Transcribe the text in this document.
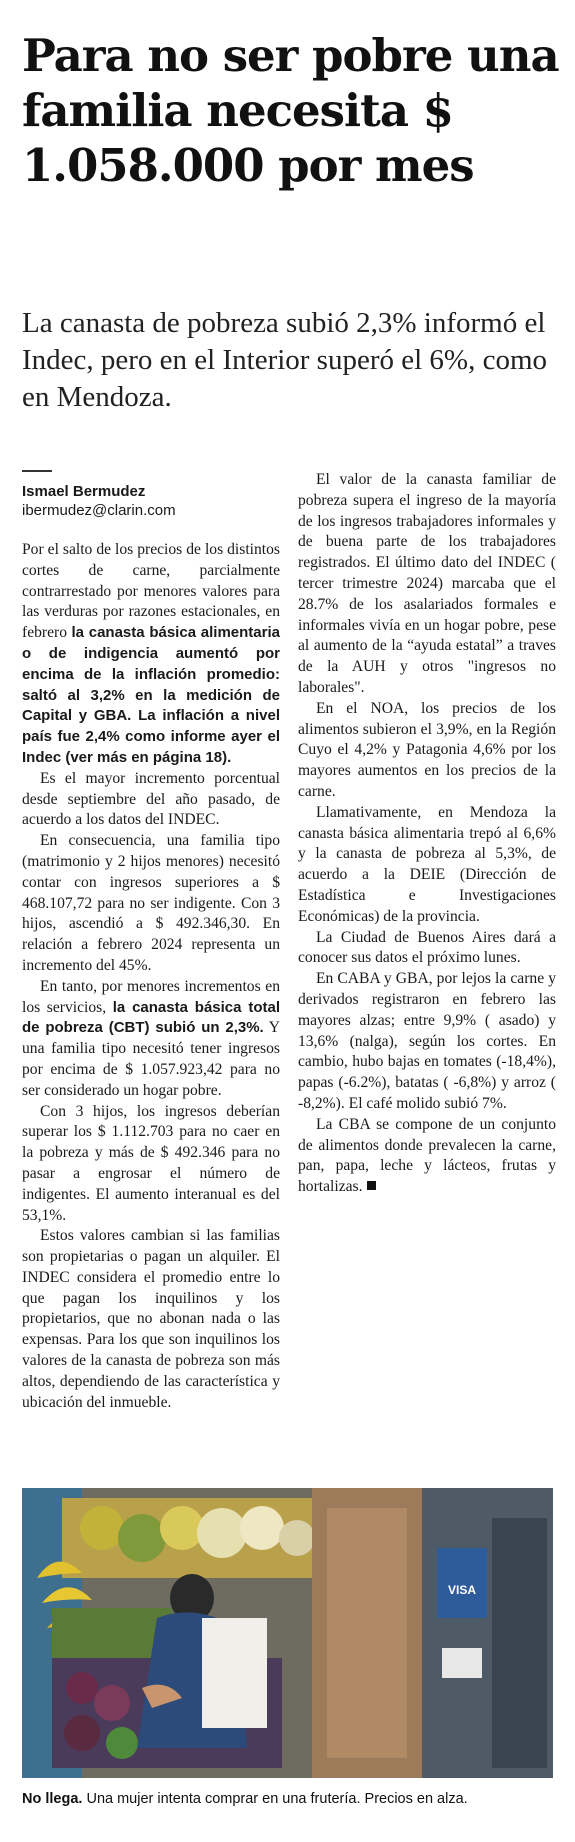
Para no ser pobre una familia necesita $ 1.058.000 por mes
La canasta de pobreza subió 2,3% informó el Indec, pero en el Interior superó el 6%, como en Mendoza.
Ismael Bermudez
ibermudez@clarin.com

Por el salto de los precios de los distintos cortes de carne, parcialmente contrarrestado por menores valores para las verduras por razones estacionales, en febrero la canasta básica alimentaria o de indigencia aumentó por encima de la inflación promedio: saltó al 3,2% en la medición de Capital y GBA. La inflación a nivel país fue 2,4% como informe ayer el Indec (ver más en página 18).

Es el mayor incremento porcentual desde septiembre del año pasado, de acuerdo a los datos del INDEC.

En consecuencia, una familia tipo (matrimonio y 2 hijos menores) necesitó contar con ingresos superiores a $ 468.107,72 para no ser indigente. Con 3 hijos, ascendió a $ 492.346,30. En relación a febrero 2024 representa un incremento del 45%.

En tanto, por menores incrementos en los servicios, la canasta básica total de pobreza (CBT) subió un 2,3%. Y una familia tipo necesitó tener ingresos por encima de $ 1.057.923,42 para no ser considerado un hogar pobre.

Con 3 hijos, los ingresos deberían superar los $ 1.112.703 para no caer en la pobreza y más de $ 492.346 para no pasar a engrosar el número de indigentes. El aumento interanual es del 53,1%.

Estos valores cambian si las familias son propietarias o pagan un alquiler. El INDEC considera el promedio entre lo que pagan los inquilinos y los propietarios, que no abonan nada o las expensas. Para los que son inquilinos los valores de la canasta de pobreza son más altos, dependiendo de las característica y ubicación del inmueble.

El valor de la canasta familiar de pobreza supera el ingreso de la mayoría de los ingresos trabajadores informales y de buena parte de los trabajadores registrados. El último dato del INDEC ( tercer trimestre 2024) marcaba que el 28.7% de los asalariados formales e informales vivía en un hogar pobre, pese al aumento de la “ayuda estatal” a traves de la AUH y otros "ingresos no laborales".

En el NOA, los precios de los alimentos subieron el 3,9%, en la Región Cuyo el 4,2% y Patagonia 4,6% por los mayores aumentos en los precios de la carne.

Llamativamente, en Mendoza la canasta básica alimentaria trepó al 6,6% y la canasta de pobreza al 5,3%, de acuerdo a la DEIE (Dirección de Estadística e Investigaciones Económicas) de la provincia.

La Ciudad de Buenos Aires dará a conocer sus datos el próximo lunes.

En CABA y GBA, por lejos la carne y derivados registraron en febrero las mayores alzas; entre 9,9% ( asado) y 13,6% (nalga), según los cortes. En cambio, hubo bajas en tomates (-18,4%), papas (-6.2%), batatas ( -6,8%) y arroz ( -8,2%). El café molido subió 7%.

La CBA se compone de un conjunto de alimentos donde prevalecen la carne, pan, papa, leche y lácteos, frutas y hortalizas.

VISA
No llega. Una mujer intenta comprar en una frutería. Precios en alza.
